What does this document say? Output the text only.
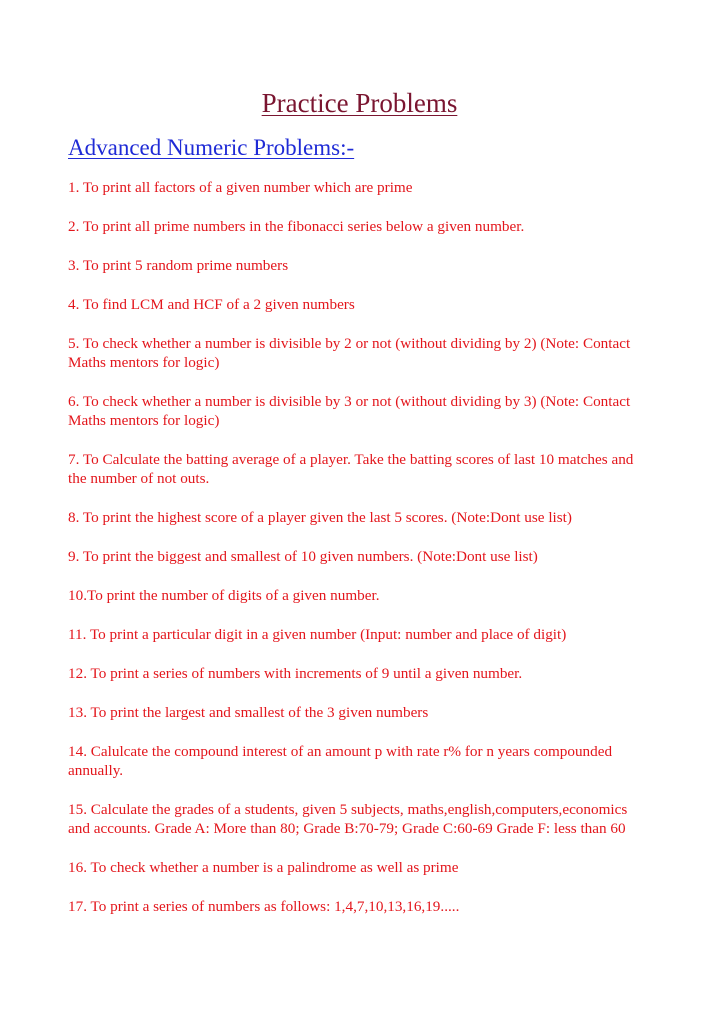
Practice Problems
Advanced Numeric Problems:-
1. To print all factors of a given number which are prime
2. To print all prime numbers in the fibonacci series below a given number.
3. To print 5 random prime numbers
4. To find LCM and HCF of a 2 given numbers
5. To check whether a number is divisible by 2 or not (without dividing by 2) (Note: Contact Maths mentors for logic)
6. To check whether a number is divisible by 3 or not (without dividing by 3) (Note: Contact Maths mentors for logic)
7. To Calculate the batting average of a player. Take the batting scores of last 10 matches and the number of not outs.
8. To print the highest score of a player given the last 5 scores. (Note:Dont use list)
9. To print the biggest and smallest of 10 given numbers. (Note:Dont use list)
10.To print the number of digits of a given number.
11. To print a particular digit in a given number (Input: number and place of digit)
12. To print a series of numbers with increments of 9 until a given number.
13. To print the largest and smallest of the 3 given numbers
14. Calulcate the compound interest of an amount p with rate r% for n years compounded annually.
15. Calculate the grades of a students, given 5 subjects, maths,english,computers,economics and accounts. Grade A: More than 80; Grade B:70-79; Grade C:60-69 Grade F: less than 60
16. To check whether a number is a palindrome as well as prime
17. To print a series of numbers as follows: 1,4,7,10,13,16,19.....
